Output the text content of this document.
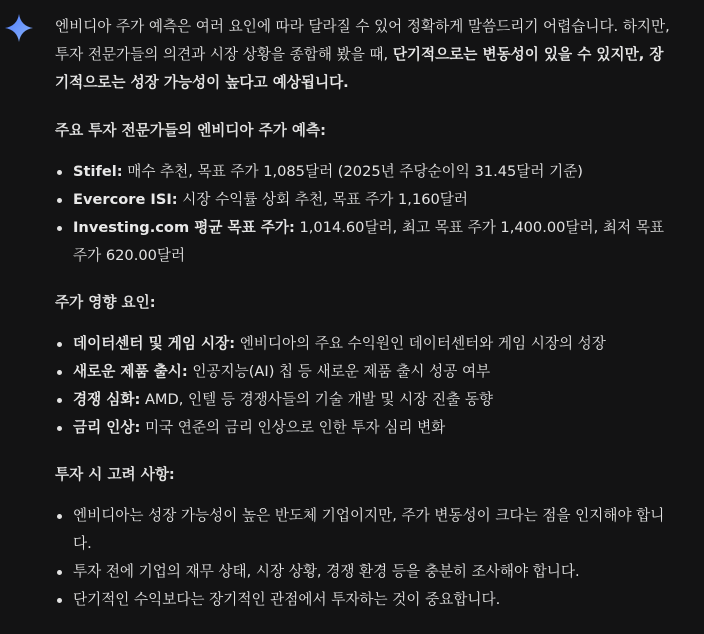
엔비디아 주가 예측은 여러 요인에 따라 달라질 수 있어 정확하게 말씀드리기 어렵습니다. 하지만, 투자 전문가들의 의견과 시장 상황을 종합해 봤을 때, 단기적으로는 변동성이 있을 수 있지만, 장기적으로는 성장 가능성이 높다고 예상됩니다.

주요 투자 전문가들의 엔비디아 주가 예측:

Stifel: 매수 추천, 목표 주가 1,085달러 (2025년 주당순이익 31.45달러 기준)
Evercore ISI: 시장 수익률 상회 추천, 목표 주가 1,160달러
Investing.com 평균 목표 주가: 1,014.60달러, 최고 목표 주가 1,400.00달러, 최저 목표 주가 620.00달러

주가 영향 요인:

데이터센터 및 게임 시장: 엔비디아의 주요 수익원인 데이터센터와 게임 시장의 성장
새로운 제품 출시: 인공지능(AI) 칩 등 새로운 제품 출시 성공 여부
경쟁 심화: AMD, 인텔 등 경쟁사들의 기술 개발 및 시장 진출 동향
금리 인상: 미국 연준의 금리 인상으로 인한 투자 심리 변화

투자 시 고려 사항:

엔비디아는 성장 가능성이 높은 반도체 기업이지만, 주가 변동성이 크다는 점을 인지해야 합니다.
투자 전에 기업의 재무 상태, 시장 상황, 경쟁 환경 등을 충분히 조사해야 합니다.
단기적인 수익보다는 장기적인 관점에서 투자하는 것이 중요합니다.
